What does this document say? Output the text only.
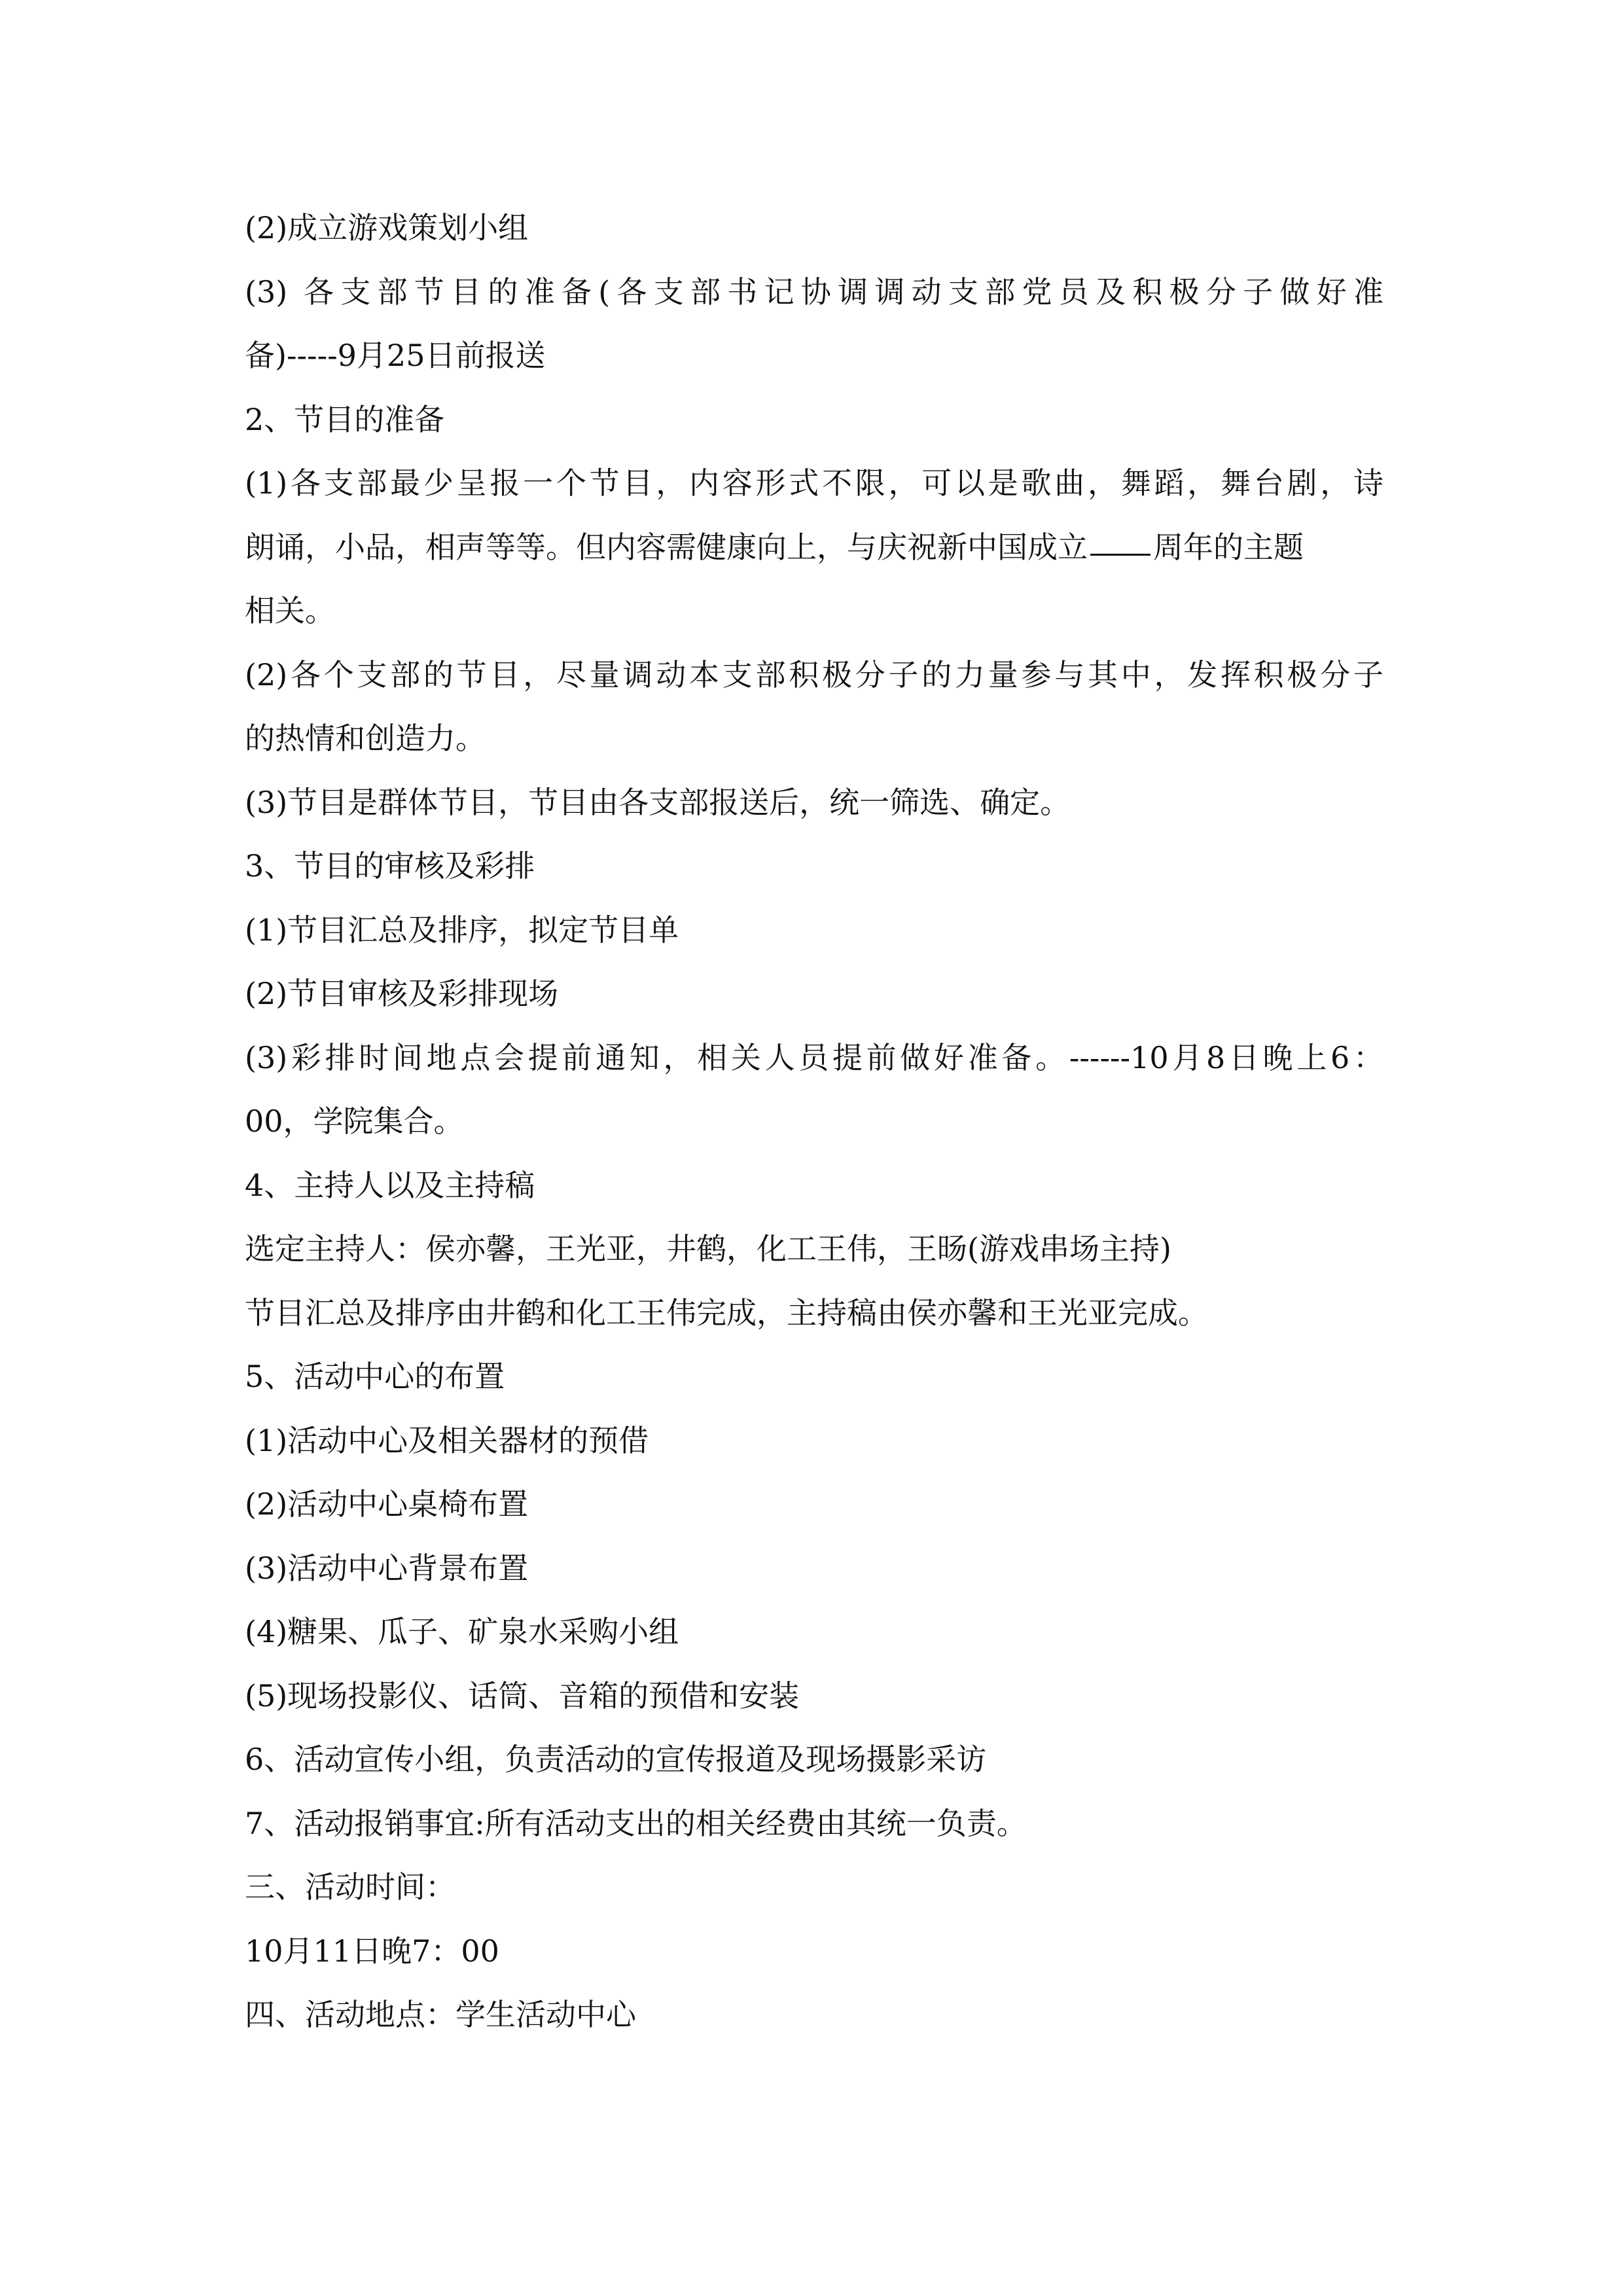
(2)成立游戏策划小组
(3) 各支部节目的准备(各支部书记协调调动支部党员及积极分子做好准
备)-----9月25日前报送
2、节目的准备
(1)各支部最少呈报一个节目，内容形式不限，可以是歌曲，舞蹈，舞台剧，诗
朗诵，小品，相声等等。但内容需健康向上，与庆祝新中国成立 周年的主题
相关。
(2)各个支部的节目，尽量调动本支部积极分子的力量参与其中，发挥积极分子
的热情和创造力。
(3)节目是群体节目，节目由各支部报送后，统一筛选、确定。
3、节目的审核及彩排
(1)节目汇总及排序，拟定节目单
(2)节目审核及彩排现场
(3)彩排时间地点会提前通知，相关人员提前做好准备。------10月8日晚上6：
00，学院集合。
4、主持人以及主持稿
选定主持人：侯亦馨，王光亚，井鹤，化工王伟，王旸(游戏串场主持)
节目汇总及排序由井鹤和化工王伟完成，主持稿由侯亦馨和王光亚完成。
5、活动中心的布置
(1)活动中心及相关器材的预借
(2)活动中心桌椅布置
(3)活动中心背景布置
(4)糖果、瓜子、矿泉水采购小组
(5)现场投影仪、话筒、音箱的预借和安装
6、活动宣传小组，负责活动的宣传报道及现场摄影采访
7、活动报销事宜:所有活动支出的相关经费由其统一负责。
三、活动时间：
10月11日晚7：00
四、活动地点：学生活动中心
